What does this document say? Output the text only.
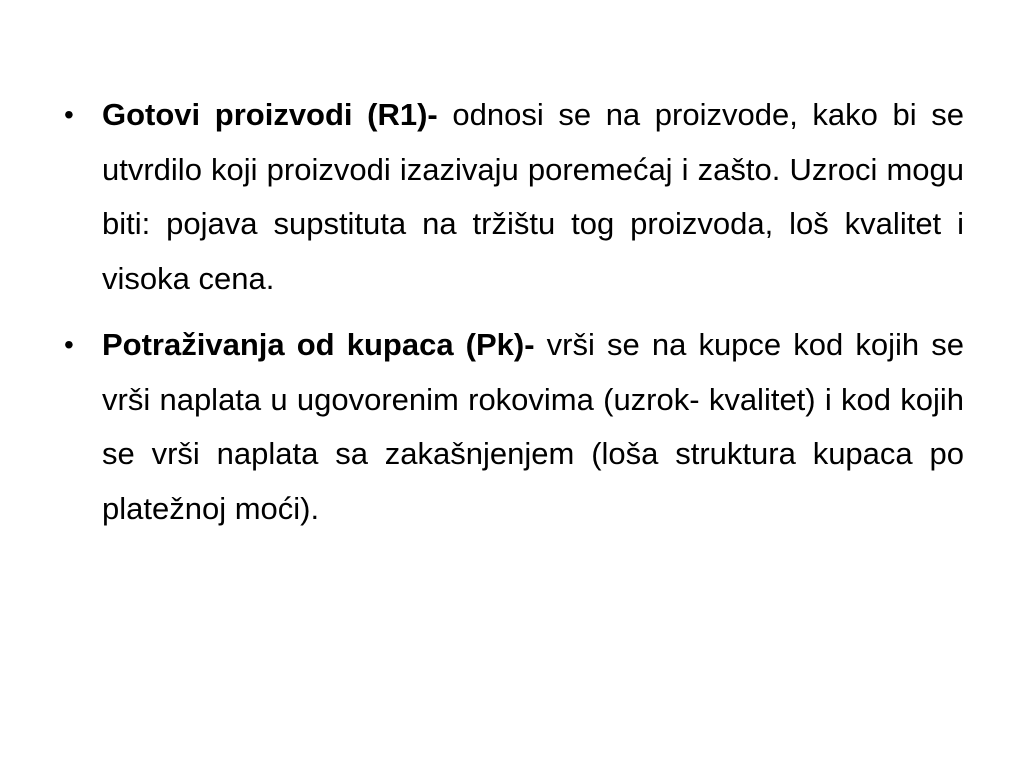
• Gotovi proizvodi (R1)- odnosi se na proizvode, kako bi se utvrdilo koji proizvodi izazivaju poremećaj i zašto. Uzroci mogu biti: pojava supstituta na tržištu tog proizvoda, loš kvalitet i visoka cena.
• Potraživanja od kupaca (Pk)- vrši se na kupce kod kojih se vrši naplata u ugovorenim rokovima (uzrok- kvalitet) i kod kojih se vrši naplata sa zakašnjenjem (loša struktura kupaca po platežnoj moći).
